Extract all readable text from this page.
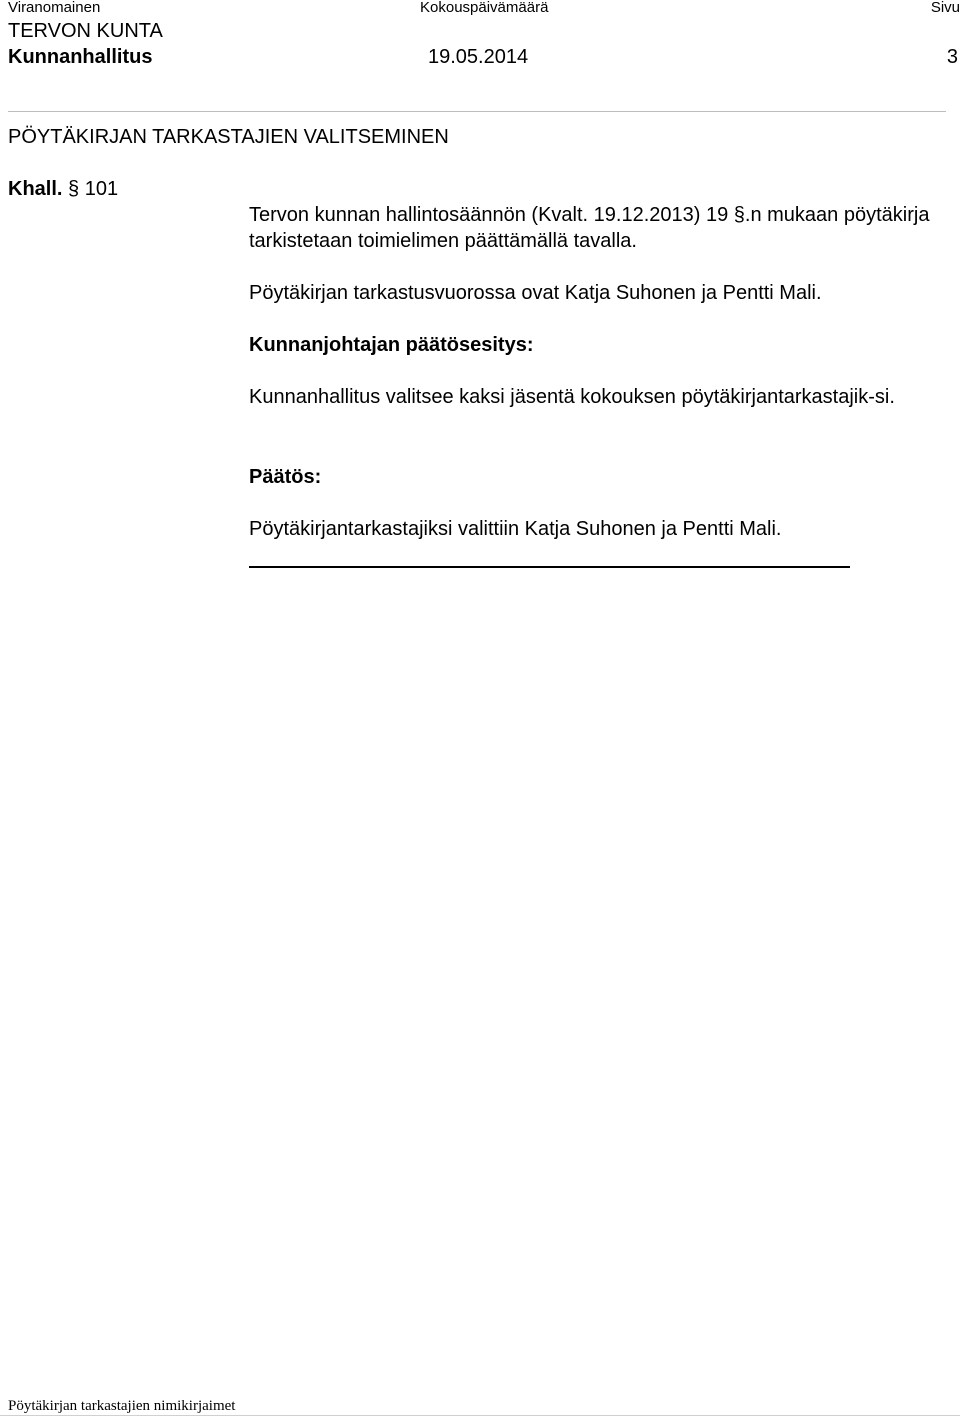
Viranomainen	Kokouspäivämäärä	Sivu
TERVON KUNTA
Kunnanhallitus	19.05.2014	3
PÖYTÄKIRJAN TARKASTAJIEN VALITSEMINEN
Khall. § 101
Tervon kunnan hallintosäännön (Kvalt. 19.12.2013) 19 §.n mukaan pöytäkirja tarkistetaan toimielimen päättämällä tavalla.
Pöytäkirjan tarkastusvuorossa ovat Katja Suhonen ja Pentti Mali.
Kunnanjohtajan päätösesitys:
Kunnanhallitus valitsee kaksi jäsentä kokouksen pöytäkirjantarkastajik-si.
Päätös:
Pöytäkirjantarkastajiksi valittiin Katja Suhonen ja Pentti Mali.
Pöytäkirjan tarkastajien nimikirjaimet
